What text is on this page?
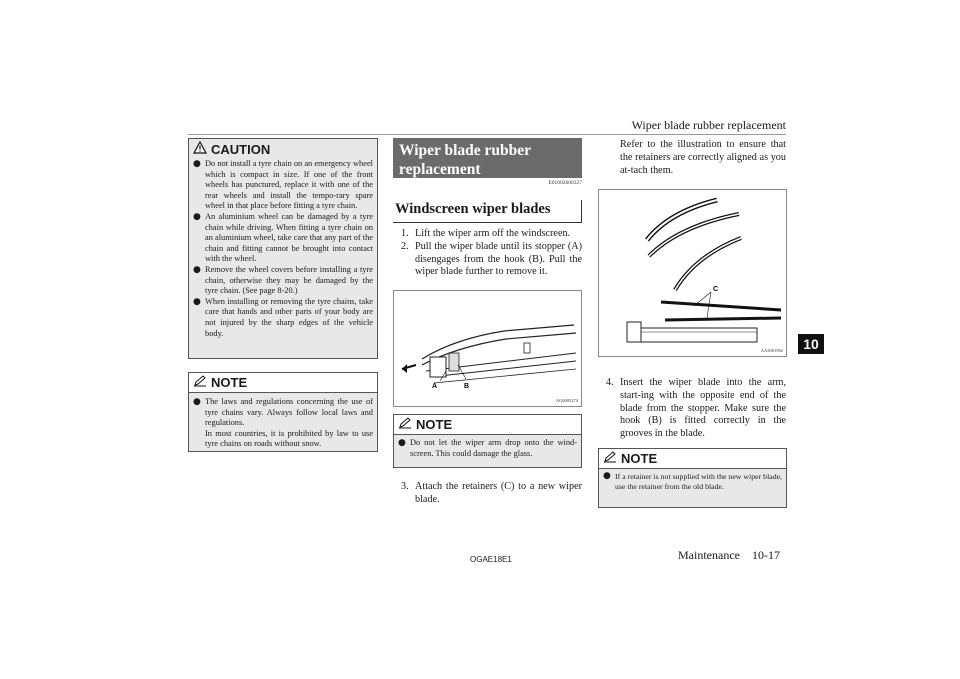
Wiper blade rubber replacement
10
CAUTION
● Do not install a tyre chain on an emergency wheel which is compact in size. If one of the front wheels has punctured, replace it with one of the rear wheels and install the tempo-rary spare wheel in that place before fitting a tyre chain.
● An aluminium wheel can be damaged by a tyre chain while driving. When fitting a tyre chain on an aluminium wheel, take care that any part of the chain and fitting cannot be brought into contact with the wheel.
● Remove the wheel covers before installing a tyre chain, otherwise they may be damaged by the tyre chain. (See page 8-20.)
● When installing or removing the tyre chains, take care that hands and other parts of your body are not injured by the sharp edges of the vehicle body.
NOTE
● The laws and regulations concerning the use of tyre chains vary. Always follow local laws and regulations.
In most countries, it is prohibited by law to use tyre chains on roads without snow.
Wiper blade rubber
replacement
E01002600327
Windscreen wiper blades
1. Lift the wiper arm off the windscreen.
2. Pull the wiper blade until its stopper (A) disengages from the hook (B). Pull the wiper blade further to remove it.
A	B
AG0005274
NOTE
● Do not let the wiper arm drop onto the wind-screen. This could damage the glass.
3. Attach the retainers (C) to a new wiper blade.
Refer to the illustration to ensure that the retainers are correctly aligned as you at-tach them.
C
AA3001982
4. Insert the wiper blade into the arm, start-ing with the opposite end of the blade from the stopper. Make sure the hook (B) is fitted correctly in the grooves in the blade.
NOTE
● If a retainer is not supplied with the new wiper blade, use the retainer from the old blade.
OGAE18E1	Maintenance 10-17
